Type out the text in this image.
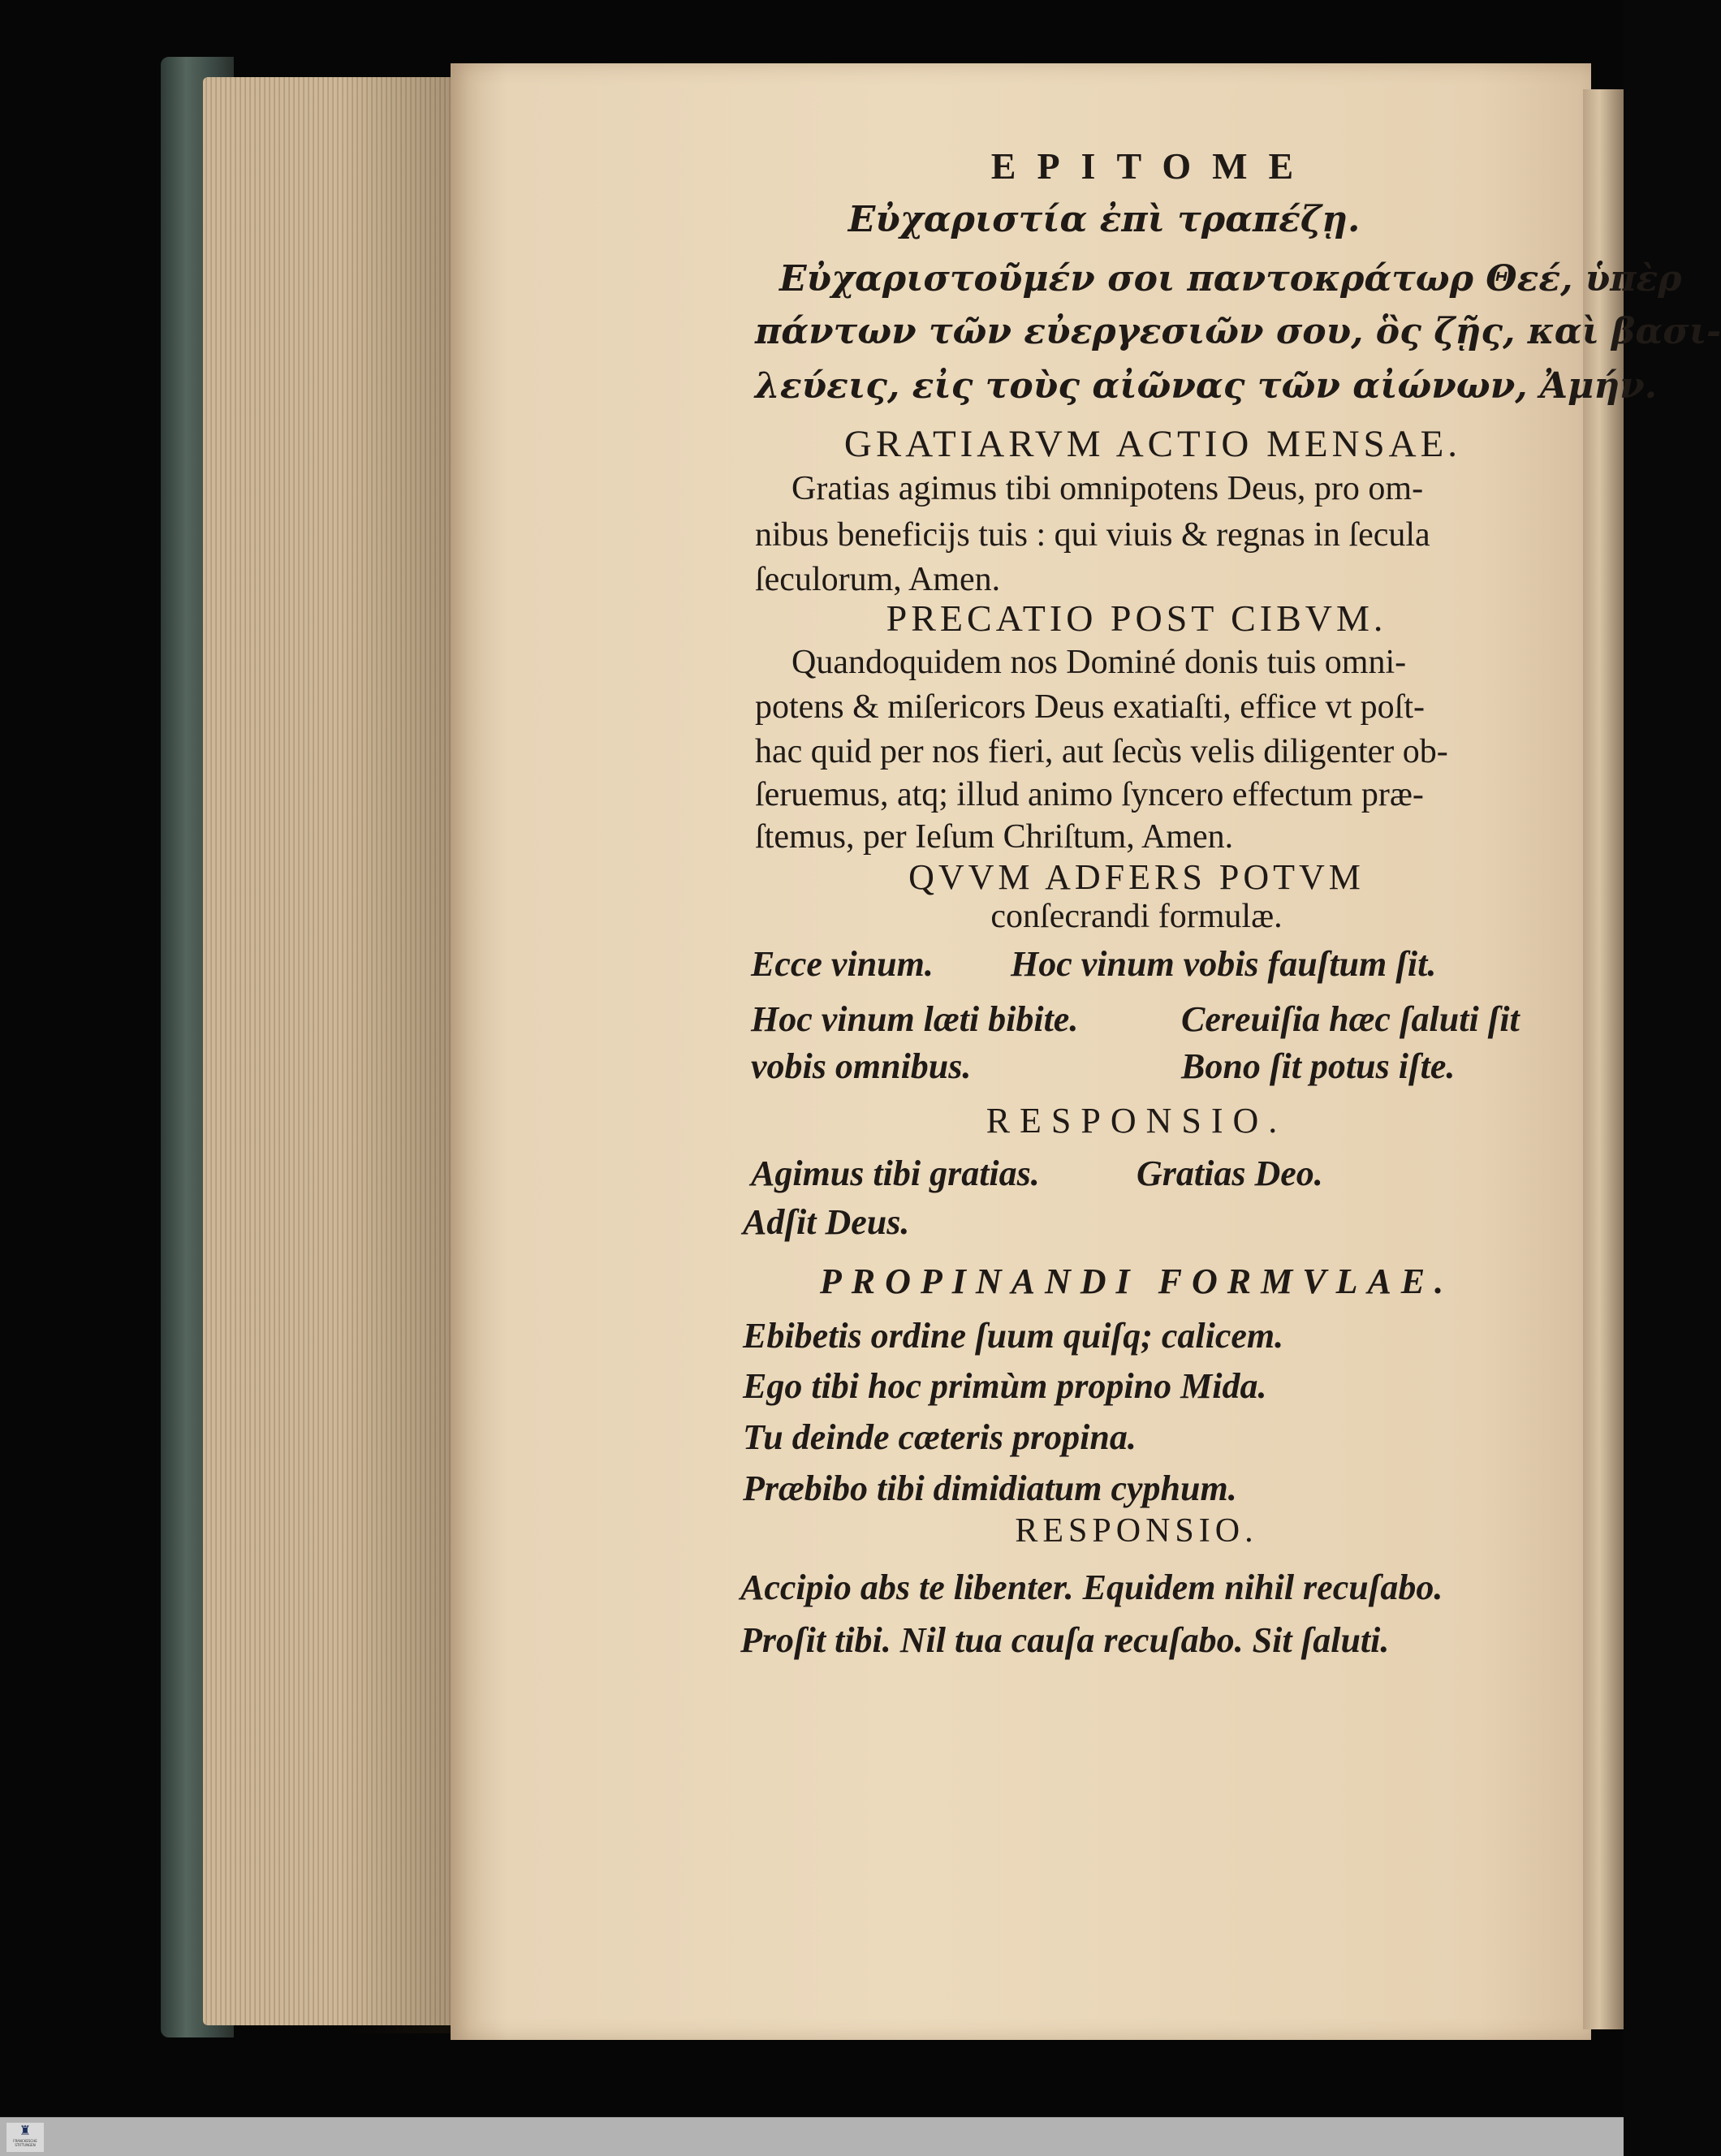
EPITOME
Εὐχαριστία ἐπὶ τραπέζῃ.
Εὐχαριστοῦμέν σοι παντοκράτωρ Θεέ, ὑπὲρ
πάντων τῶν εὐεργεσιῶν σου, ὃς ζῇς, καὶ βασι-
λεύεις, εἰς τοὺς αἰῶνας τῶν αἰώνων, Ἀμήν.
GRATIARVM ACTIO MENSAE.
Gratias agimus tibi omnipotens Deus, pro om-
nibus beneficijs tuis : qui viuis & regnas in ſecula
ſeculorum, Amen.
PRECATIO POST CIBVM.
Quandoquidem nos Dominé donis tuis omni-
potens & miſericors Deus exatiaſti, effice vt poſt-
hac quid per nos fieri, aut ſecùs velis diligenter ob-
ſeruemus, atq; illud animo ſyncero effectum præ-
ſtemus, per Ieſum Chriſtum, Amen.
QVVM ADFERS POTVM
conſecrandi formulæ.
Ecce vinum. Hoc vinum vobis fauſtum ſit.
Hoc vinum læti bibite.	Cereuiſia hæc ſaluti ſit
vobis omnibus.	Bono ſit potus iſte.
RESPONSIO.
Agimus tibi gratias.	Gratias Deo.
Adſit Deus.
PROPINANDI FORMVLAE.
Ebibetis ordine ſuum quiſq; calicem.
Ego tibi hoc primùm propino Mida.
Tu deinde cæteris propina.
Præbibo tibi dimidiatum cyphum.
RESPONSIO.
Accipio abs te libenter. Equidem nihil recuſabo.
Proſit tibi. Nil tua cauſa recuſabo. Sit ſaluti.
♜
FRANCKESCHE STIFTUNGEN
